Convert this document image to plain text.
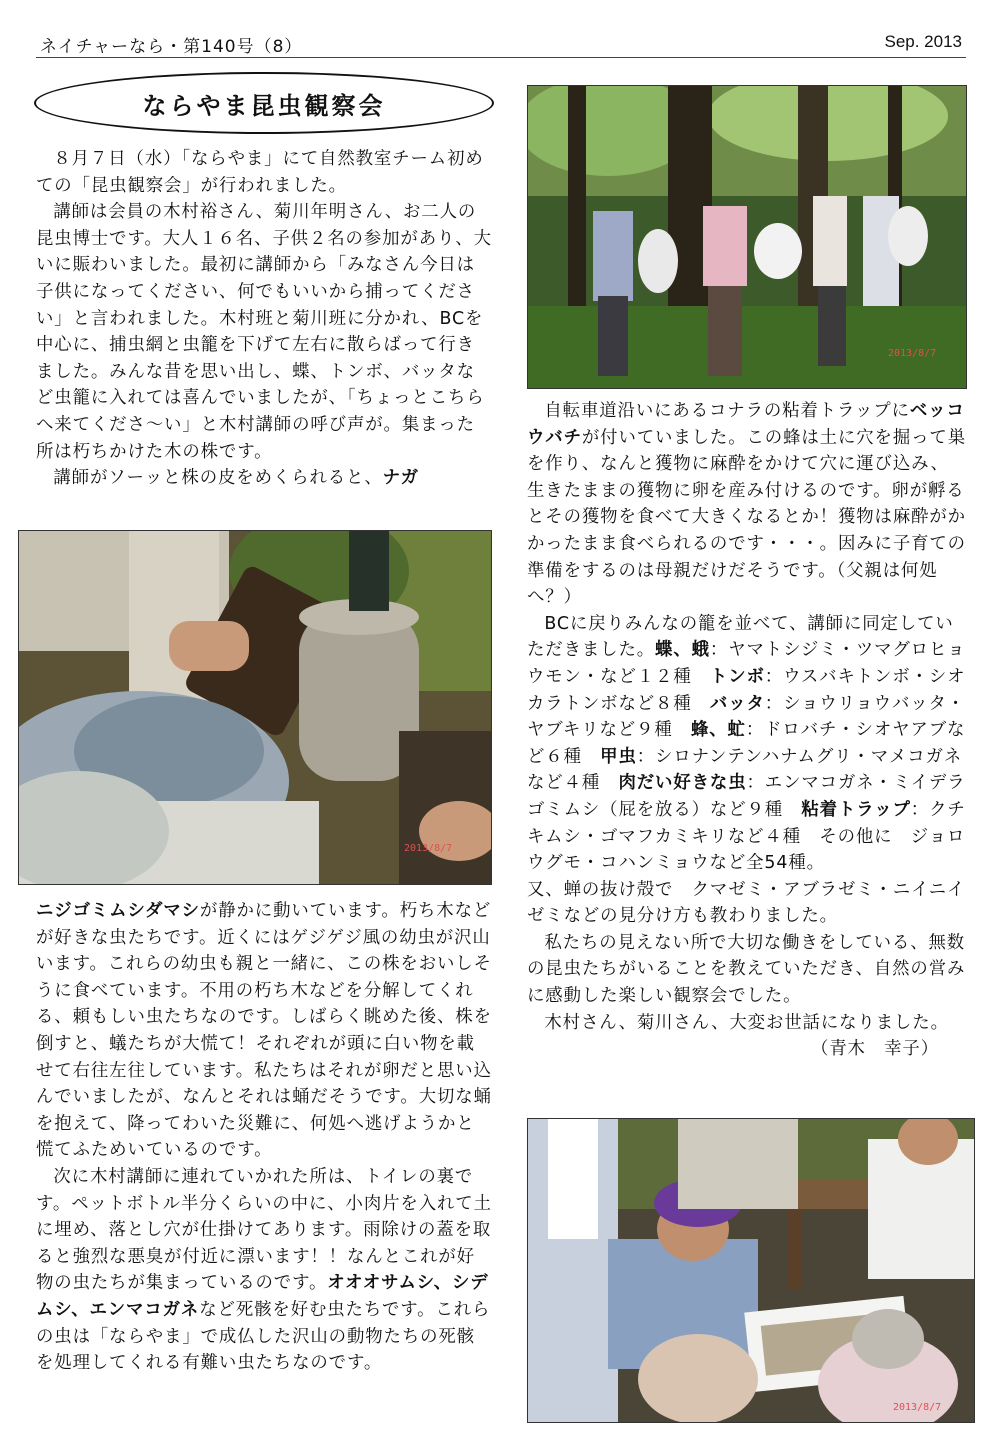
ネイチャーなら・第140号（8）	Sep. 2013
ならやま昆虫観察会

８月７日（水）「ならやま」にて自然教室チーム初めての「昆虫観察会」が行われました。

講師は会員の木村裕さん、菊川年明さん、お二人の昆虫博士です。大人１６名、子供２名の参加があり、大いに賑わいました。最初に講師から「みなさん今日は子供になってください、何でもいいから捕ってください」と言われました。木村班と菊川班に分かれ、BCを中心に、捕虫網と虫籠を下げて左右に散らばって行きました。みんな昔を思い出し、蝶、トンボ、バッタなど虫籠に入れては喜んでいましたが、「ちょっとこちらへ来てくださ～い」と木村講師の呼び声が。集まった所は朽ちかけた木の株です。

講師がソーッと株の皮をめくられると、ナガ

2013/8/7

ニジゴミムシダマシが静かに動いています。朽ち木などが好きな虫たちです。近くにはゲジゲジ風の幼虫が沢山います。これらの幼虫も親と一緒に、この株をおいしそうに食べています。不用の朽ち木などを分解してくれる、頼もしい虫たちなのです。しばらく眺めた後、株を倒すと、蟻たちが大慌て！それぞれが頭に白い物を載せて右往左往しています。私たちはそれが卵だと思い込んでいましたが、なんとそれは蛹だそうです。大切な蛹を抱えて、降ってわいた災難に、何処へ逃げようかと慌てふためいているのです。

次に木村講師に連れていかれた所は、トイレの裏です。ペットボトル半分くらいの中に、小肉片を入れて土に埋め、落とし穴が仕掛けてあります。雨除けの蓋を取ると強烈な悪臭が付近に漂います！！なんとこれが好物の虫たちが集まっているのです。オオオサムシ、シデムシ、エンマコガネなど死骸を好む虫たちです。これらの虫は「ならやま」で成仏した沢山の動物たちの死骸を処理してくれる有難い虫たちなのです。

2013/8/7

自転車道沿いにあるコナラの粘着トラップにベッコウバチが付いていました。この蜂は土に穴を掘って巣を作り、なんと獲物に麻酔をかけて穴に運び込み、生きたままの獲物に卵を産み付けるのです。卵が孵るとその獲物を食べて大きくなるとか！獲物は麻酔がかかったまま食べられるのです・・・。因みに子育ての準備をするのは母親だけだそうです。（父親は何処へ？）

BCに戻りみんなの籠を並べて、講師に同定していただきました。蝶、蛾：ヤマトシジミ・ツマグロヒョウモン・など１２種　 トンボ：ウスバキトンボ・シオカラトンボなど８種　 バッタ：ショウリョウバッタ・ヤブキリなど９種　 蜂、虻：ドロバチ・シオヤアブなど６種　 甲虫：シロナンテンハナムグリ・マメコガネなど４種　 肉だい好きな虫：エンマコガネ・ミイデラゴミムシ（屁を放る）など９種　 粘着トラップ：クチキムシ・ゴマフカミキリなど４種　 その他に　ジョロウグモ・コハンミョウなど全54種。

又、蝉の抜け殻で　クマゼミ・アブラゼミ・ニイニイゼミなどの見分け方も教わりました。

私たちの見えない所で大切な働きをしている、無数の昆虫たちがいることを教えていただき、自然の営みに感動した楽しい観察会でした。

木村さん、菊川さん、大変お世話になりました。

（青木　幸子）

2013/8/7
